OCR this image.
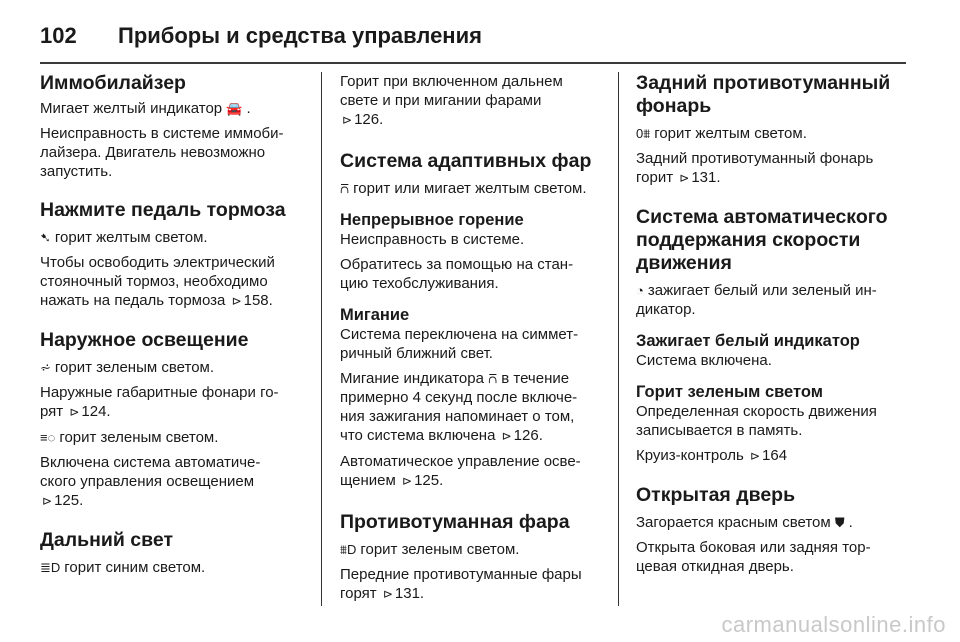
102	Приборы и средства управления
Иммобилайзер

Мигает желтый индикатор 🚘 .

Неисправность в системе иммоби-
лайзера. Двигатель невозможно
запустить.

Нажмите педаль тормоза

➷ горит желтым светом.

Чтобы освободить электрический
стояночный тормоз, необходимо
нажать на педаль тормоза ⊳ 158.

Наружное освещение

⩫ горит зеленым светом.

Наружные габаритные фонари го-
рят ⊳ 124.

≡◌ горит зеленым светом.

Включена система автоматиче-
ского управления освещением
⊳ 125.

Дальний свет

≣D горит синим светом.

Горит при включенном дальнем
свете и при мигании фарами
⊳ 126.

Система адаптивных фар

⩃ горит или мигает желтым светом.

Непрерывное горение

Неисправность в системе.

Обратитесь за помощью на стан-
цию техобслуживания.

Мигание

Система переключена на симмет-
ричный ближний свет.

Мигание индикатора ⩃ в течение
примерно 4 секунд после включе-
ния зажигания напоминает о том,
что система включена ⊳ 126.

Автоматическое управление осве-
щением ⊳ 125.

Противотуманная фара

⩩D горит зеленым светом.

Передние противотуманные фары
горят ⊳ 131.

Задний противотуманный
фонарь

0⩩ горит желтым светом.

Задний противотуманный фонарь
горит ⊳ 131.

Система автоматического
поддержания скорости
движения

◔ зажигает белый или зеленый ин-
дикатор.

Зажигает белый индикатор

Система включена.

Горит зеленым светом

Определенная скорость движения
записывается в память.

Круиз-контроль ⊳ 164

Открытая дверь

Загорается красным светом ⛊ .

Открыта боковая или задняя тор-
цевая откидная дверь.

carmanualsonline.info
